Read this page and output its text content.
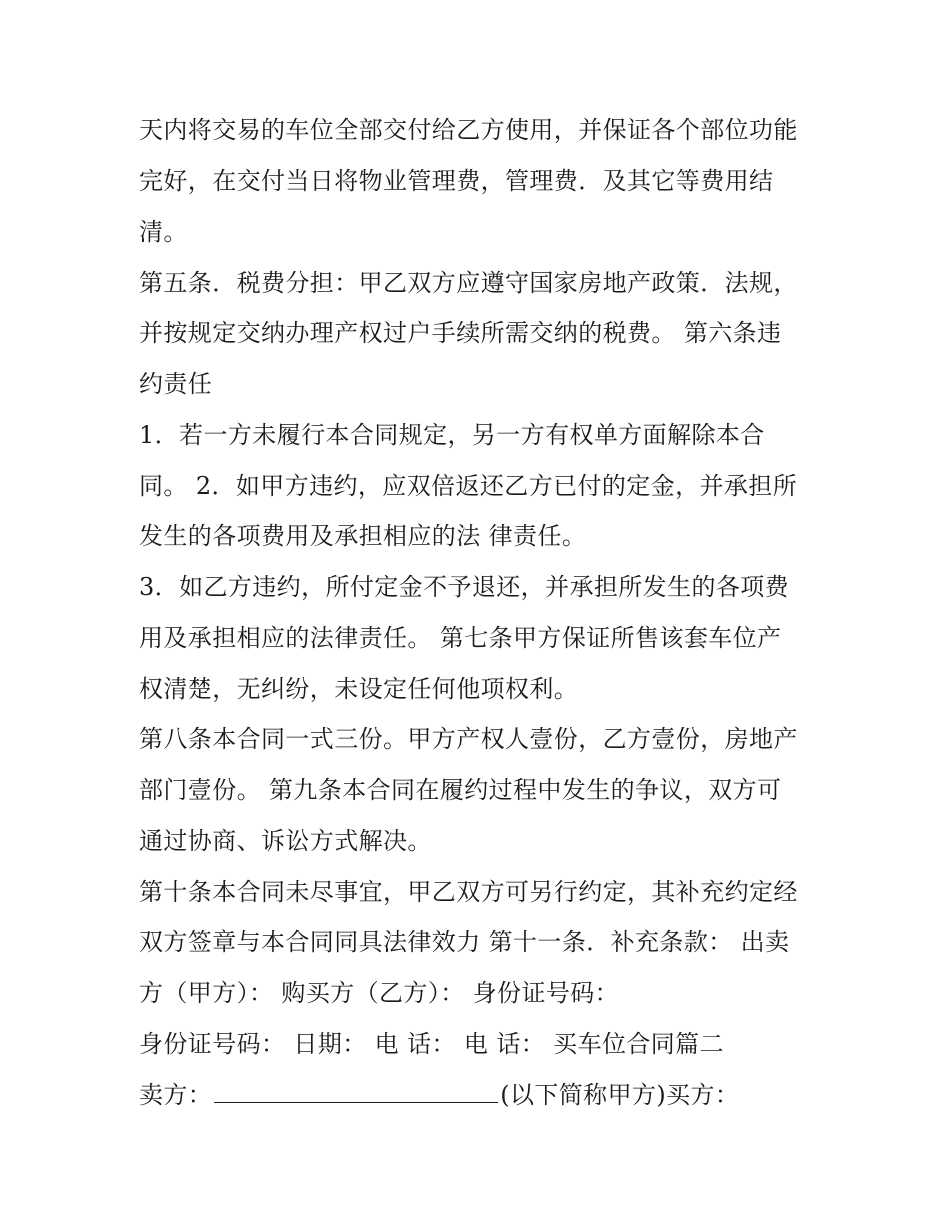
天内将交易的车位全部交付给乙方使用，并保证各个部位功能
完好，在交付当日将物业管理费，管理费．及其它等费用结
清。
第五条．税费分担：甲乙双方应遵守国家房地产政策．法规，
并按规定交纳办理产权过户手续所需交纳的税费。 第六条违
约责任
1．若一方未履行本合同规定，另一方有权单方面解除本合
同。 2．如甲方违约，应双倍返还乙方已付的定金，并承担所
发生的各项费用及承担相应的法 律责任。
3．如乙方违约，所付定金不予退还，并承担所发生的各项费
用及承担相应的法律责任。 第七条甲方保证所售该套车位产
权清楚，无纠纷，未设定任何他项权利。
第八条本合同一式三份。甲方产权人壹份，乙方壹份，房地产
部门壹份。 第九条本合同在履约过程中发生的争议，双方可
通过协商、诉讼方式解决。
第十条本合同未尽事宜，甲乙双方可另行约定，其补充约定经
双方签章与本合同同具法律效力 第十一条．补充条款： 出卖
方（甲方）： 购买方（乙方）： 身份证号码：
身份证号码： 日期： 电 话： 电 话： 买车位合同篇二
卖方：	(以下简称甲方)买方：
